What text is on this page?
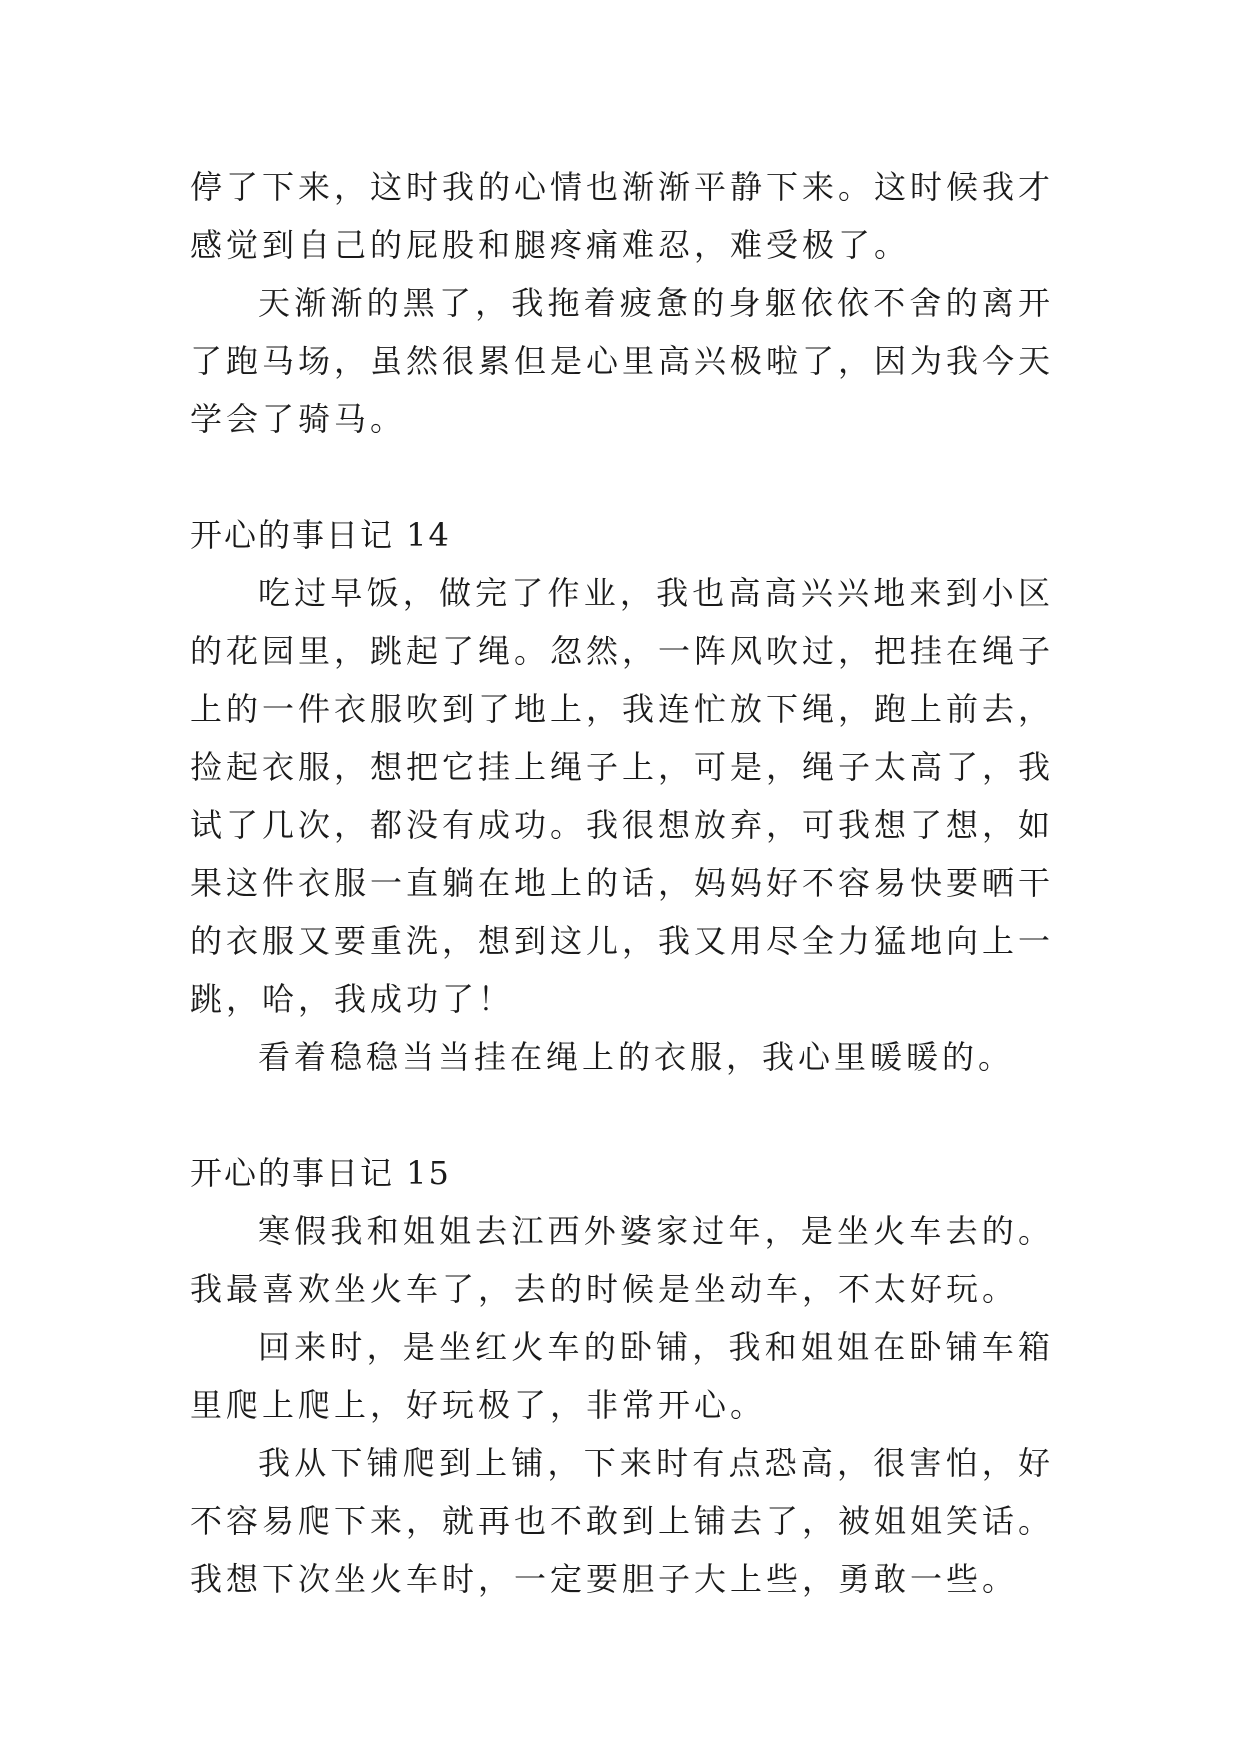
停了下来，这时我的心情也渐渐平静下来。这时候我才感觉到自己的屁股和腿疼痛难忍，难受极了。

天渐渐的黑了，我拖着疲惫的身躯依依不舍的离开了跑马场，虽然很累但是心里高兴极啦了，因为我今天学会了骑马。

开心的事日记 14

吃过早饭，做完了作业，我也高高兴兴地来到小区的花园里，跳起了绳。忽然，一阵风吹过，把挂在绳子上的一件衣服吹到了地上，我连忙放下绳，跑上前去，捡起衣服，想把它挂上绳子上，可是，绳子太高了，我试了几次，都没有成功。我很想放弃，可我想了想，如果这件衣服一直躺在地上的话，妈妈好不容易快要晒干的衣服又要重洗，想到这儿，我又用尽全力猛地向上一跳，哈，我成功了！

看着稳稳当当挂在绳上的衣服，我心里暖暖的。

开心的事日记 15

寒假我和姐姐去江西外婆家过年，是坐火车去的。我最喜欢坐火车了，去的时候是坐动车，不太好玩。

回来时，是坐红火车的卧铺，我和姐姐在卧铺车箱里爬上爬上，好玩极了，非常开心。

我从下铺爬到上铺，下来时有点恐高，很害怕，好不容易爬下来，就再也不敢到上铺去了，被姐姐笑话。我想下次坐火车时，一定要胆子大上些，勇敢一些。
